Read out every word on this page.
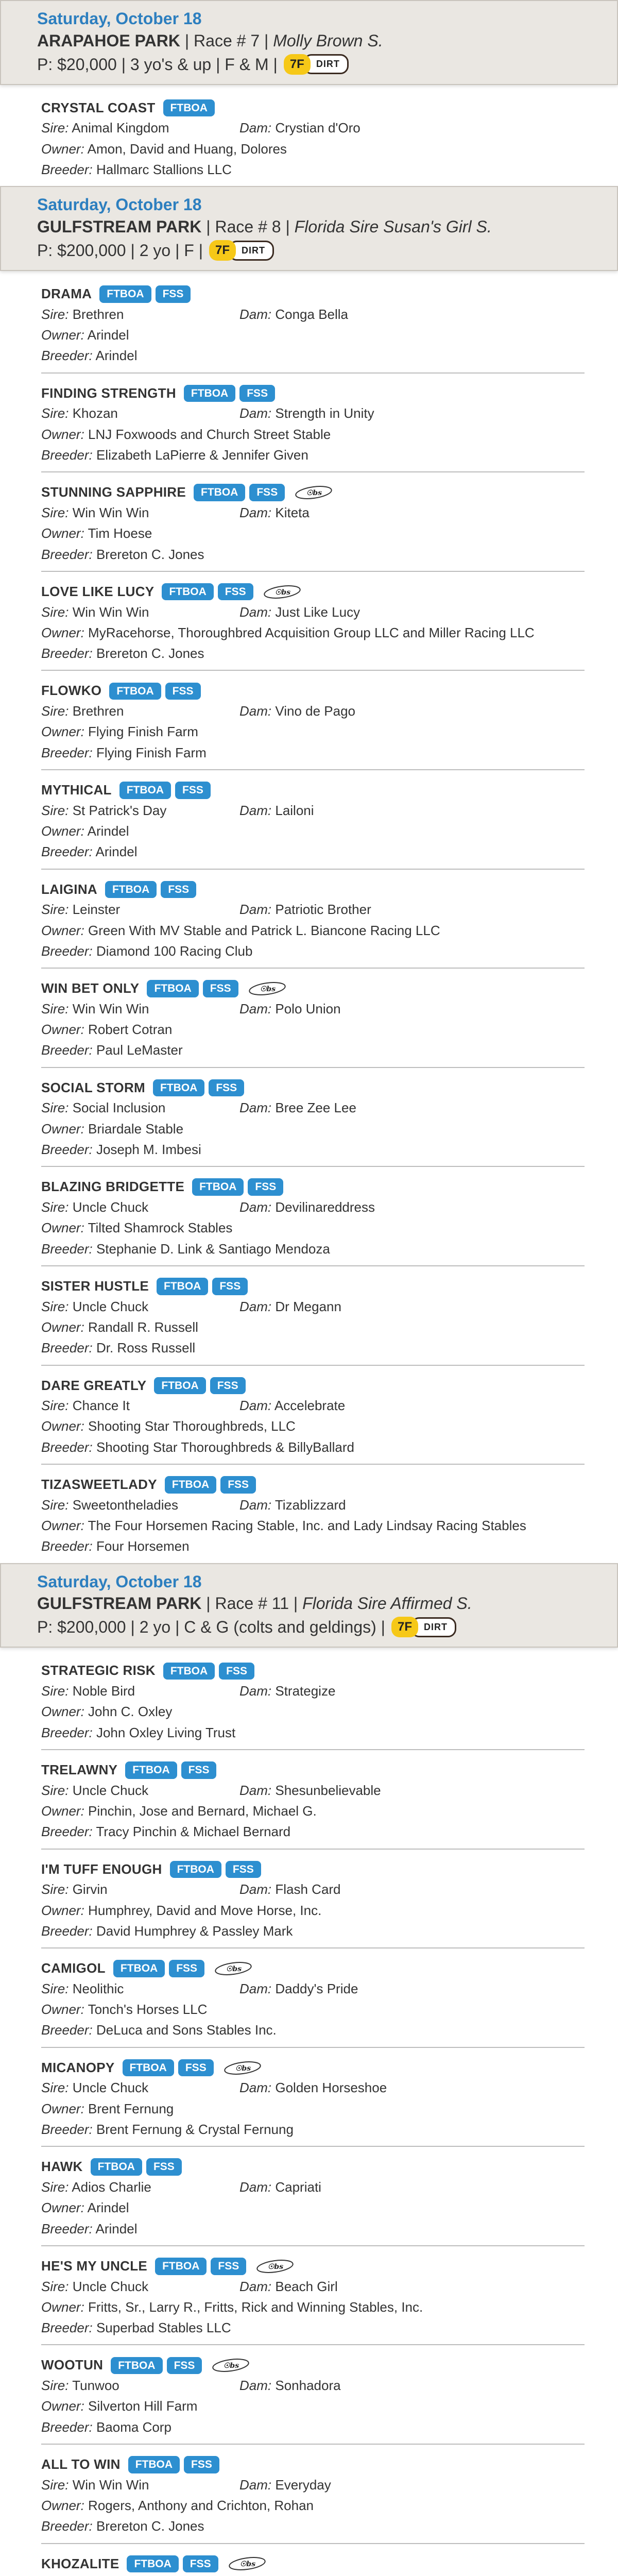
Saturday, October 18
ARAPAHOE PARK | Race # 7 | Molly Brown S.
P: $20,000 | 3 yo's & up | F & M |	7F	DIRT
CRYSTAL COAST	FTBOA
Sire: Animal Kingdom	Dam: Crystian d'Oro
Owner: Amon, David and Huang, Dolores
Breeder: Hallmarc Stallions LLC
Saturday, October 18
GULFSTREAM PARK | Race # 8 | Florida Sire Susan's Girl S.
P: $200,000 | 2 yo | F |	7F	DIRT
DRAMA	FTBOA	FSS
Sire: Brethren	Dam: Conga Bella
Owner: Arindel
Breeder: Arindel
FINDING STRENGTH	FTBOA	FSS
Sire: Khozan	Dam: Strength in Unity
Owner: LNJ Foxwoods and Church Street Stable
Breeder: Elizabeth LaPierre & Jennifer Given
STUNNING SAPPHIRE	FTBOA	FSS	☉bs
Sire: Win Win Win	Dam: Kiteta
Owner: Tim Hoese
Breeder: Brereton C. Jones
LOVE LIKE LUCY	FTBOA	FSS	☉bs
Sire: Win Win Win	Dam: Just Like Lucy
Owner: MyRacehorse, Thoroughbred Acquisition Group LLC and Miller Racing LLC
Breeder: Brereton C. Jones
FLOWKO	FTBOA	FSS
Sire: Brethren	Dam: Vino de Pago
Owner: Flying Finish Farm
Breeder: Flying Finish Farm
MYTHICAL	FTBOA	FSS
Sire: St Patrick's Day	Dam: Lailoni
Owner: Arindel
Breeder: Arindel
LAIGINA	FTBOA	FSS
Sire: Leinster	Dam: Patriotic Brother
Owner: Green With MV Stable and Patrick L. Biancone Racing LLC
Breeder: Diamond 100 Racing Club
WIN BET ONLY	FTBOA	FSS	☉bs
Sire: Win Win Win	Dam: Polo Union
Owner: Robert Cotran
Breeder: Paul LeMaster
SOCIAL STORM	FTBOA	FSS
Sire: Social Inclusion	Dam: Bree Zee Lee
Owner: Briardale Stable
Breeder: Joseph M. Imbesi
BLAZING BRIDGETTE	FTBOA	FSS
Sire: Uncle Chuck	Dam: Devilinareddress
Owner: Tilted Shamrock Stables
Breeder: Stephanie D. Link & Santiago Mendoza
SISTER HUSTLE	FTBOA	FSS
Sire: Uncle Chuck	Dam: Dr Megann
Owner: Randall R. Russell
Breeder: Dr. Ross Russell
DARE GREATLY	FTBOA	FSS
Sire: Chance It	Dam: Accelebrate
Owner: Shooting Star Thoroughbreds, LLC
Breeder: Shooting Star Thoroughbreds & BillyBallard
TIZASWEETLADY	FTBOA	FSS
Sire: Sweetontheladies	Dam: Tizablizzard
Owner: The Four Horsemen Racing Stable, Inc. and Lady Lindsay Racing Stables
Breeder: Four Horsemen
Saturday, October 18
GULFSTREAM PARK | Race # 11 | Florida Sire Affirmed S.
P: $200,000 | 2 yo | C & G (colts and geldings) |	7F	DIRT
STRATEGIC RISK	FTBOA	FSS
Sire: Noble Bird	Dam: Strategize
Owner: John C. Oxley
Breeder: John Oxley Living Trust
TRELAWNY	FTBOA	FSS
Sire: Uncle Chuck	Dam: Shesunbelievable
Owner: Pinchin, Jose and Bernard, Michael G.
Breeder: Tracy Pinchin & Michael Bernard
I'M TUFF ENOUGH	FTBOA	FSS
Sire: Girvin	Dam: Flash Card
Owner: Humphrey, David and Move Horse, Inc.
Breeder: David Humphrey & Passley Mark
CAMIGOL	FTBOA	FSS	☉bs
Sire: Neolithic	Dam: Daddy's Pride
Owner: Tonch's Horses LLC
Breeder: DeLuca and Sons Stables Inc.
MICANOPY	FTBOA	FSS	☉bs
Sire: Uncle Chuck	Dam: Golden Horseshoe
Owner: Brent Fernung
Breeder: Brent Fernung & Crystal Fernung
HAWK	FTBOA	FSS
Sire: Adios Charlie	Dam: Capriati
Owner: Arindel
Breeder: Arindel
HE'S MY UNCLE	FTBOA	FSS	☉bs
Sire: Uncle Chuck	Dam: Beach Girl
Owner: Fritts, Sr., Larry R., Fritts, Rick and Winning Stables, Inc.
Breeder: Superbad Stables LLC
WOOTUN	FTBOA	FSS	☉bs
Sire: Tunwoo	Dam: Sonhadora
Owner: Silverton Hill Farm
Breeder: Baoma Corp
ALL TO WIN	FTBOA	FSS
Sire: Win Win Win	Dam: Everyday
Owner: Rogers, Anthony and Crichton, Rohan
Breeder: Brereton C. Jones
KHOZALITE	FTBOA	FSS	☉bs
